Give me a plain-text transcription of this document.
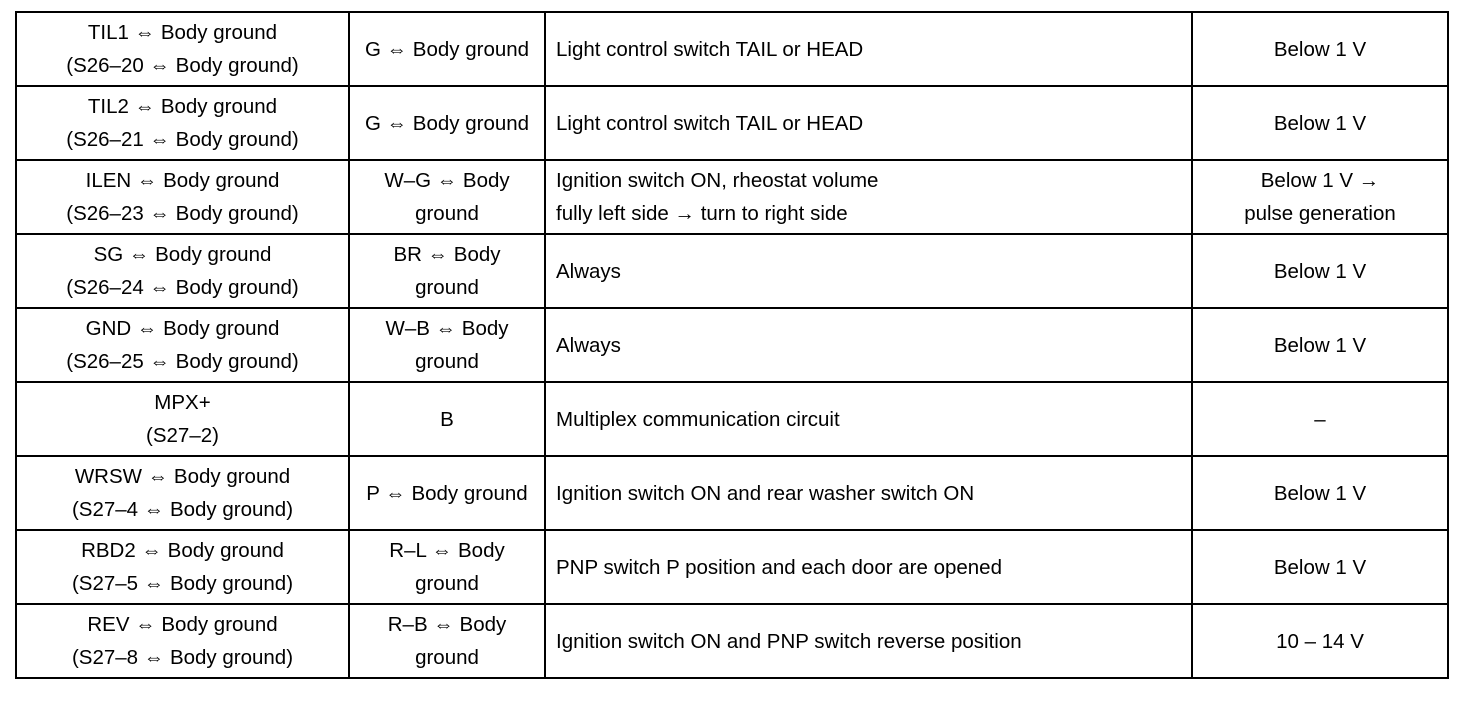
TIL1 ⇔ Body ground
(S26–20 ⇔ Body ground)	G ⇔ Body ground	Light control switch TAIL or HEAD	Below 1 V

TIL2 ⇔ Body ground
(S26–21 ⇔ Body ground)	G ⇔ Body ground	Light control switch TAIL or HEAD	Below 1 V

ILEN ⇔ Body ground
(S26–23 ⇔ Body ground)	W–G ⇔ Body
ground	Ignition switch ON, rheostat volume
fully left side → turn to right side	Below 1 V →
pulse generation

SG ⇔ Body ground
(S26–24 ⇔ Body ground)	BR ⇔ Body
ground	Always	Below 1 V

GND ⇔ Body ground
(S26–25 ⇔ Body ground)	W–B ⇔ Body
ground	Always	Below 1 V

MPX+
(S27–2)	B	Multiplex communication circuit	–

WRSW ⇔ Body ground
(S27–4 ⇔ Body ground)	P ⇔ Body ground	Ignition switch ON and rear washer switch ON	Below 1 V

RBD2 ⇔ Body ground
(S27–5 ⇔ Body ground)	R–L ⇔ Body
ground	PNP switch P position and each door are opened	Below 1 V

REV ⇔ Body ground
(S27–8 ⇔ Body ground)	R–B ⇔ Body
ground	Ignition switch ON and PNP switch reverse position	10 – 14 V
